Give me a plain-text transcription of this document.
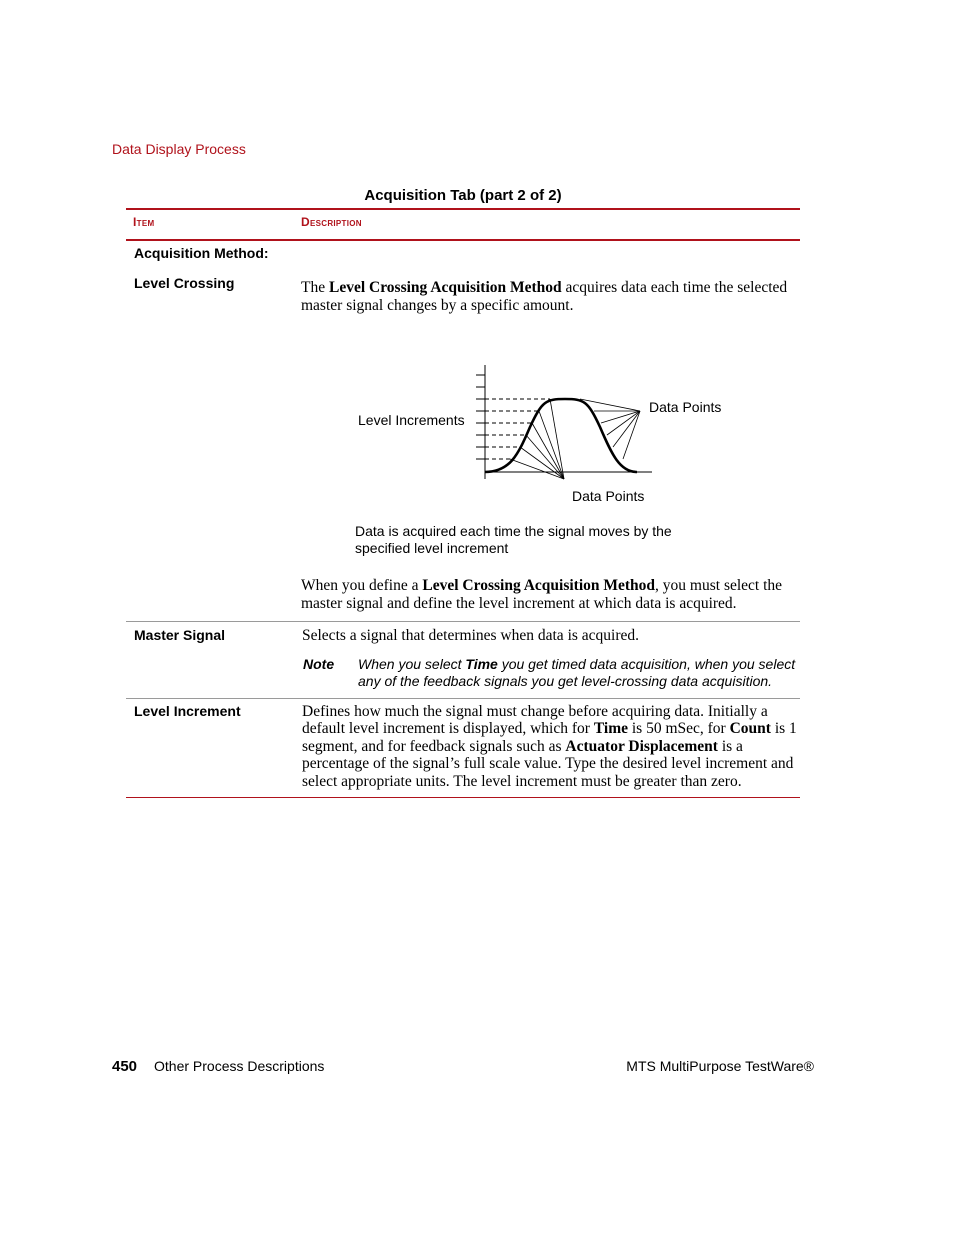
Data Display Process
Acquisition Tab (part 2 of 2)
Item	Description
Acquisition Method:
Level Crossing	The Level Crossing Acquisition Method acquires data each time the selected master signal changes by a specific amount.
Level Increments
Data Points
Data Points
Data is acquired each time the signal moves by the specified level increment
When you define a Level Crossing Acquisition Method, you must select the master signal and define the level increment at which data is acquired.
Master Signal	Selects a signal that determines when data is acquired.
Note When you select Time you get timed data acquisition, when you select any of the feedback signals you get level-crossing data acquisition.
Level Increment	Defines how much the signal must change before acquiring data. Initially a default level increment is displayed, which for Time is 50 mSec, for Count is 1 segment, and for feedback signals such as Actuator Displacement is a percentage of the signal’s full scale value. Type the desired level increment and select appropriate units. The level increment must be greater than zero.
450 Other Process Descriptions	MTS MultiPurpose TestWare®
